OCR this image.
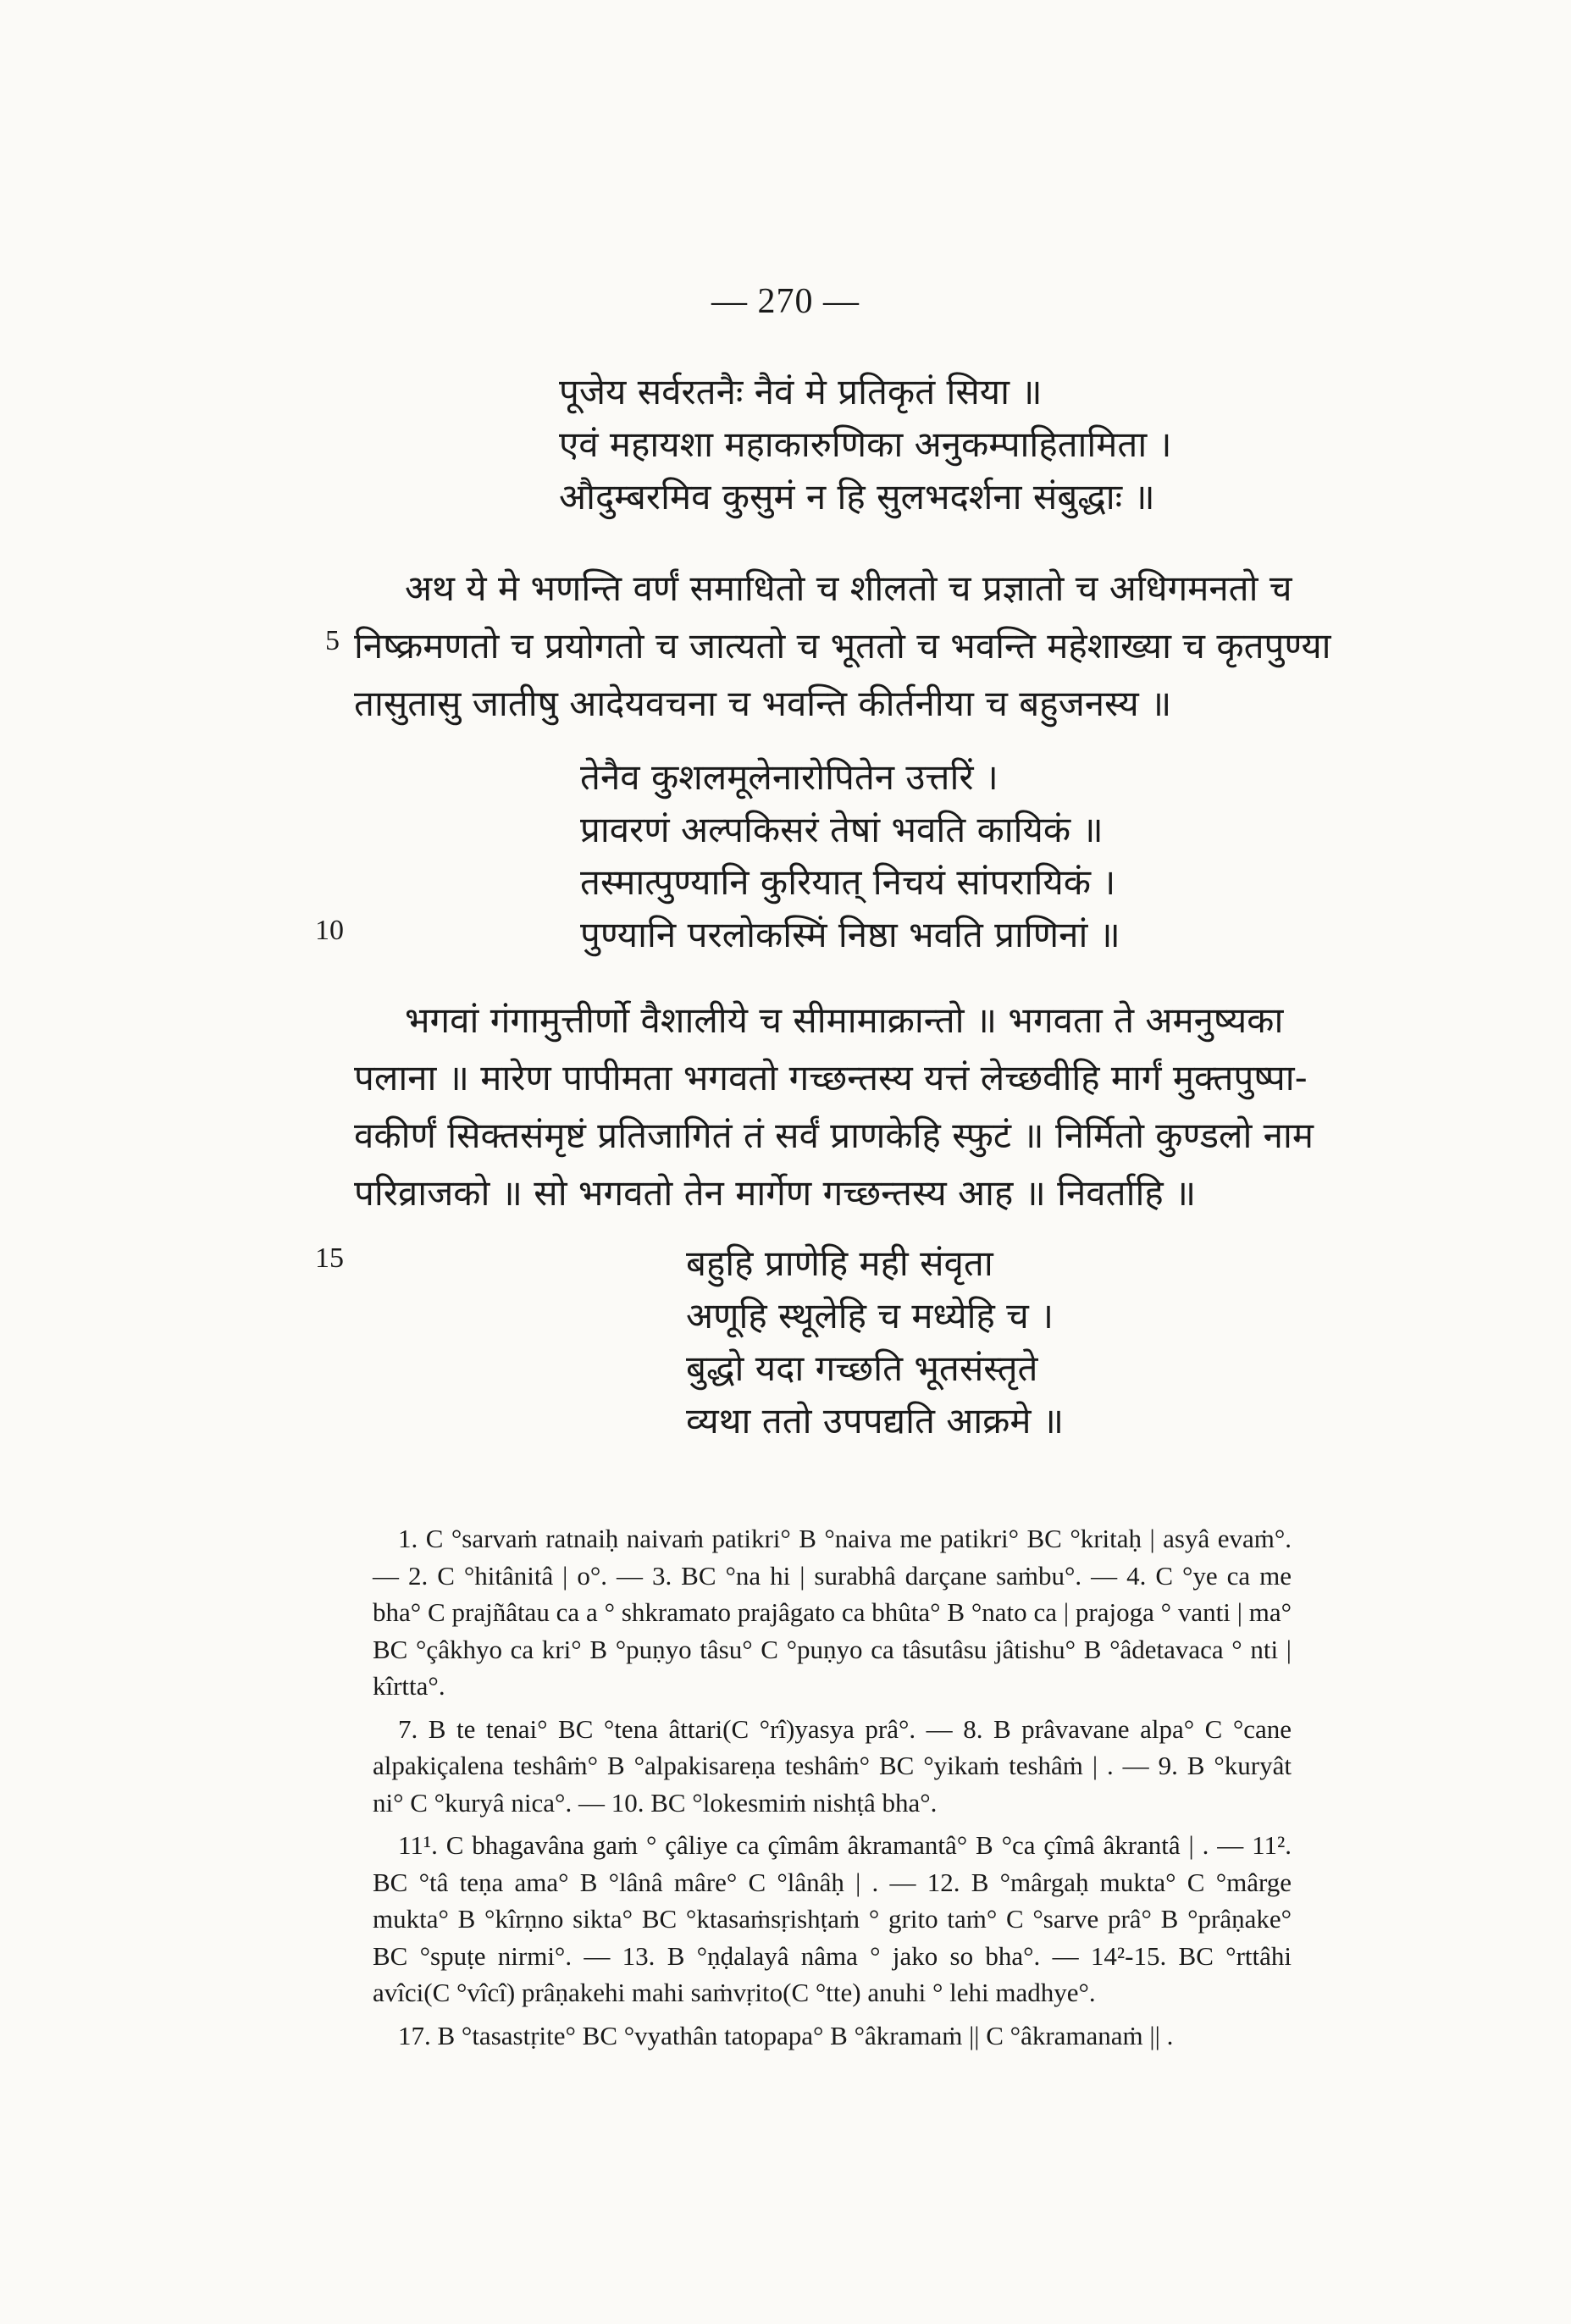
— 270 —
पूजेय सर्वरतनैः नैवं मे प्रतिकृतं सिया ॥
एवं महायशा महाकारुणिका अनुकम्पाहितामिता ।
औदुम्बरमिव कुसुमं न हि सुलभदर्शना संबुद्धाः ॥
अथ ये मे भणन्ति वर्णं समाधितो च शीलतो च प्रज्ञातो च अधिगमनतो च
निष्क्रमणतो च प्रयोगतो च जात्यतो च भूततो च भवन्ति महेशाख्या च कृतपुण्या
तासुतासु जातीषु आदेयवचना च भवन्ति कीर्तनीया च बहुजनस्य ॥
5
तेनैव कुशलमूलेनारोपितेन उत्तरिं ।
प्रावरणं अल्पकिसरं तेषां भवति कायिकं ॥
तस्मात्पुण्यानि कुरियात् निचयं सांपरायिकं ।
पुण्यानि परलोकस्मिं निष्ठा भवति प्राणिनां ॥
10
भगवां गंगामुत्तीर्णो वैशालीये च सीमामाक्रान्तो ॥ भगवता ते अमनुष्यका
पलाना ॥ मारेण पापीमता भगवतो गच्छन्तस्य यत्तं लेच्छवीहि मार्गं मुक्तपुष्पा-
वकीर्णं सिक्तसंमृष्टं प्रतिजागितं तं सर्वं प्राणकेहि स्फुटं ॥ निर्मितो कुण्डलो नाम
परिव्राजको ॥ सो भगवतो तेन मार्गेण गच्छन्तस्य आह ॥ निवर्ताहि ॥
बहुहि प्राणेहि मही संवृता
अणूहि स्थूलेहि च मध्येहि च ।
बुद्धो यदा गच्छति भूतसंस्तृते
व्यथा ततो उपपद्यति आक्रमे ॥
15

1. C °sarvaṁ ratnaiḥ naivaṁ patikri° B °naiva me patikri° BC °kritaḥ | asyâ evaṁ°. — 2. C °hitânitâ | o°. — 3. BC °na hi | surabhâ darçane saṁbu°. — 4. C °ye ca me bha° C prajñâtau ca a ° shkramato prajâgato ca bhûta° B °nato ca | prajoga ° vanti | ma° BC °çâkhyo ca kri° B °puṇyo tâsu° C °puṇyo ca tâsutâsu jâtishu° B °âdetavaca ° nti | kîrtta°.

7. B te tenai° BC °tena âttari(C °rî)yasya prâ°. — 8. B prâvavane alpa° C °cane alpakiçalena teshâṁ° B °alpakisareṇa teshâṁ° BC °yikaṁ teshâṁ | . — 9. B °kuryât ni° C °kuryâ nica°. — 10. BC °lokesmiṁ nishṭâ bha°.

11¹. C bhagavâna gaṁ ° çâliye ca çîmâm âkramantâ° B °ca çîmâ âkrantâ | . — 11². BC °tâ teṇa ama° B °lânâ mâre° C °lânâḥ | . — 12. B °mârgaḥ mukta° C °mârge mukta° B °kîrṇno sikta° BC °ktasaṁsṛishṭaṁ ° grito taṁ° C °sarve prâ° B °prâṇake° BC °spuṭe nirmi°. — 13. B °ṇḍalayâ nâma ° jako so bha°. — 14²-15. BC °rttâhi avîci(C °vîcî) prâṇakehi mahi saṁvṛito(C °tte) anuhi ° lehi madhye°.

17. B °tasastṛite° BC °vyathân tatopapa° B °âkramaṁ || C °âkramanaṁ || .
